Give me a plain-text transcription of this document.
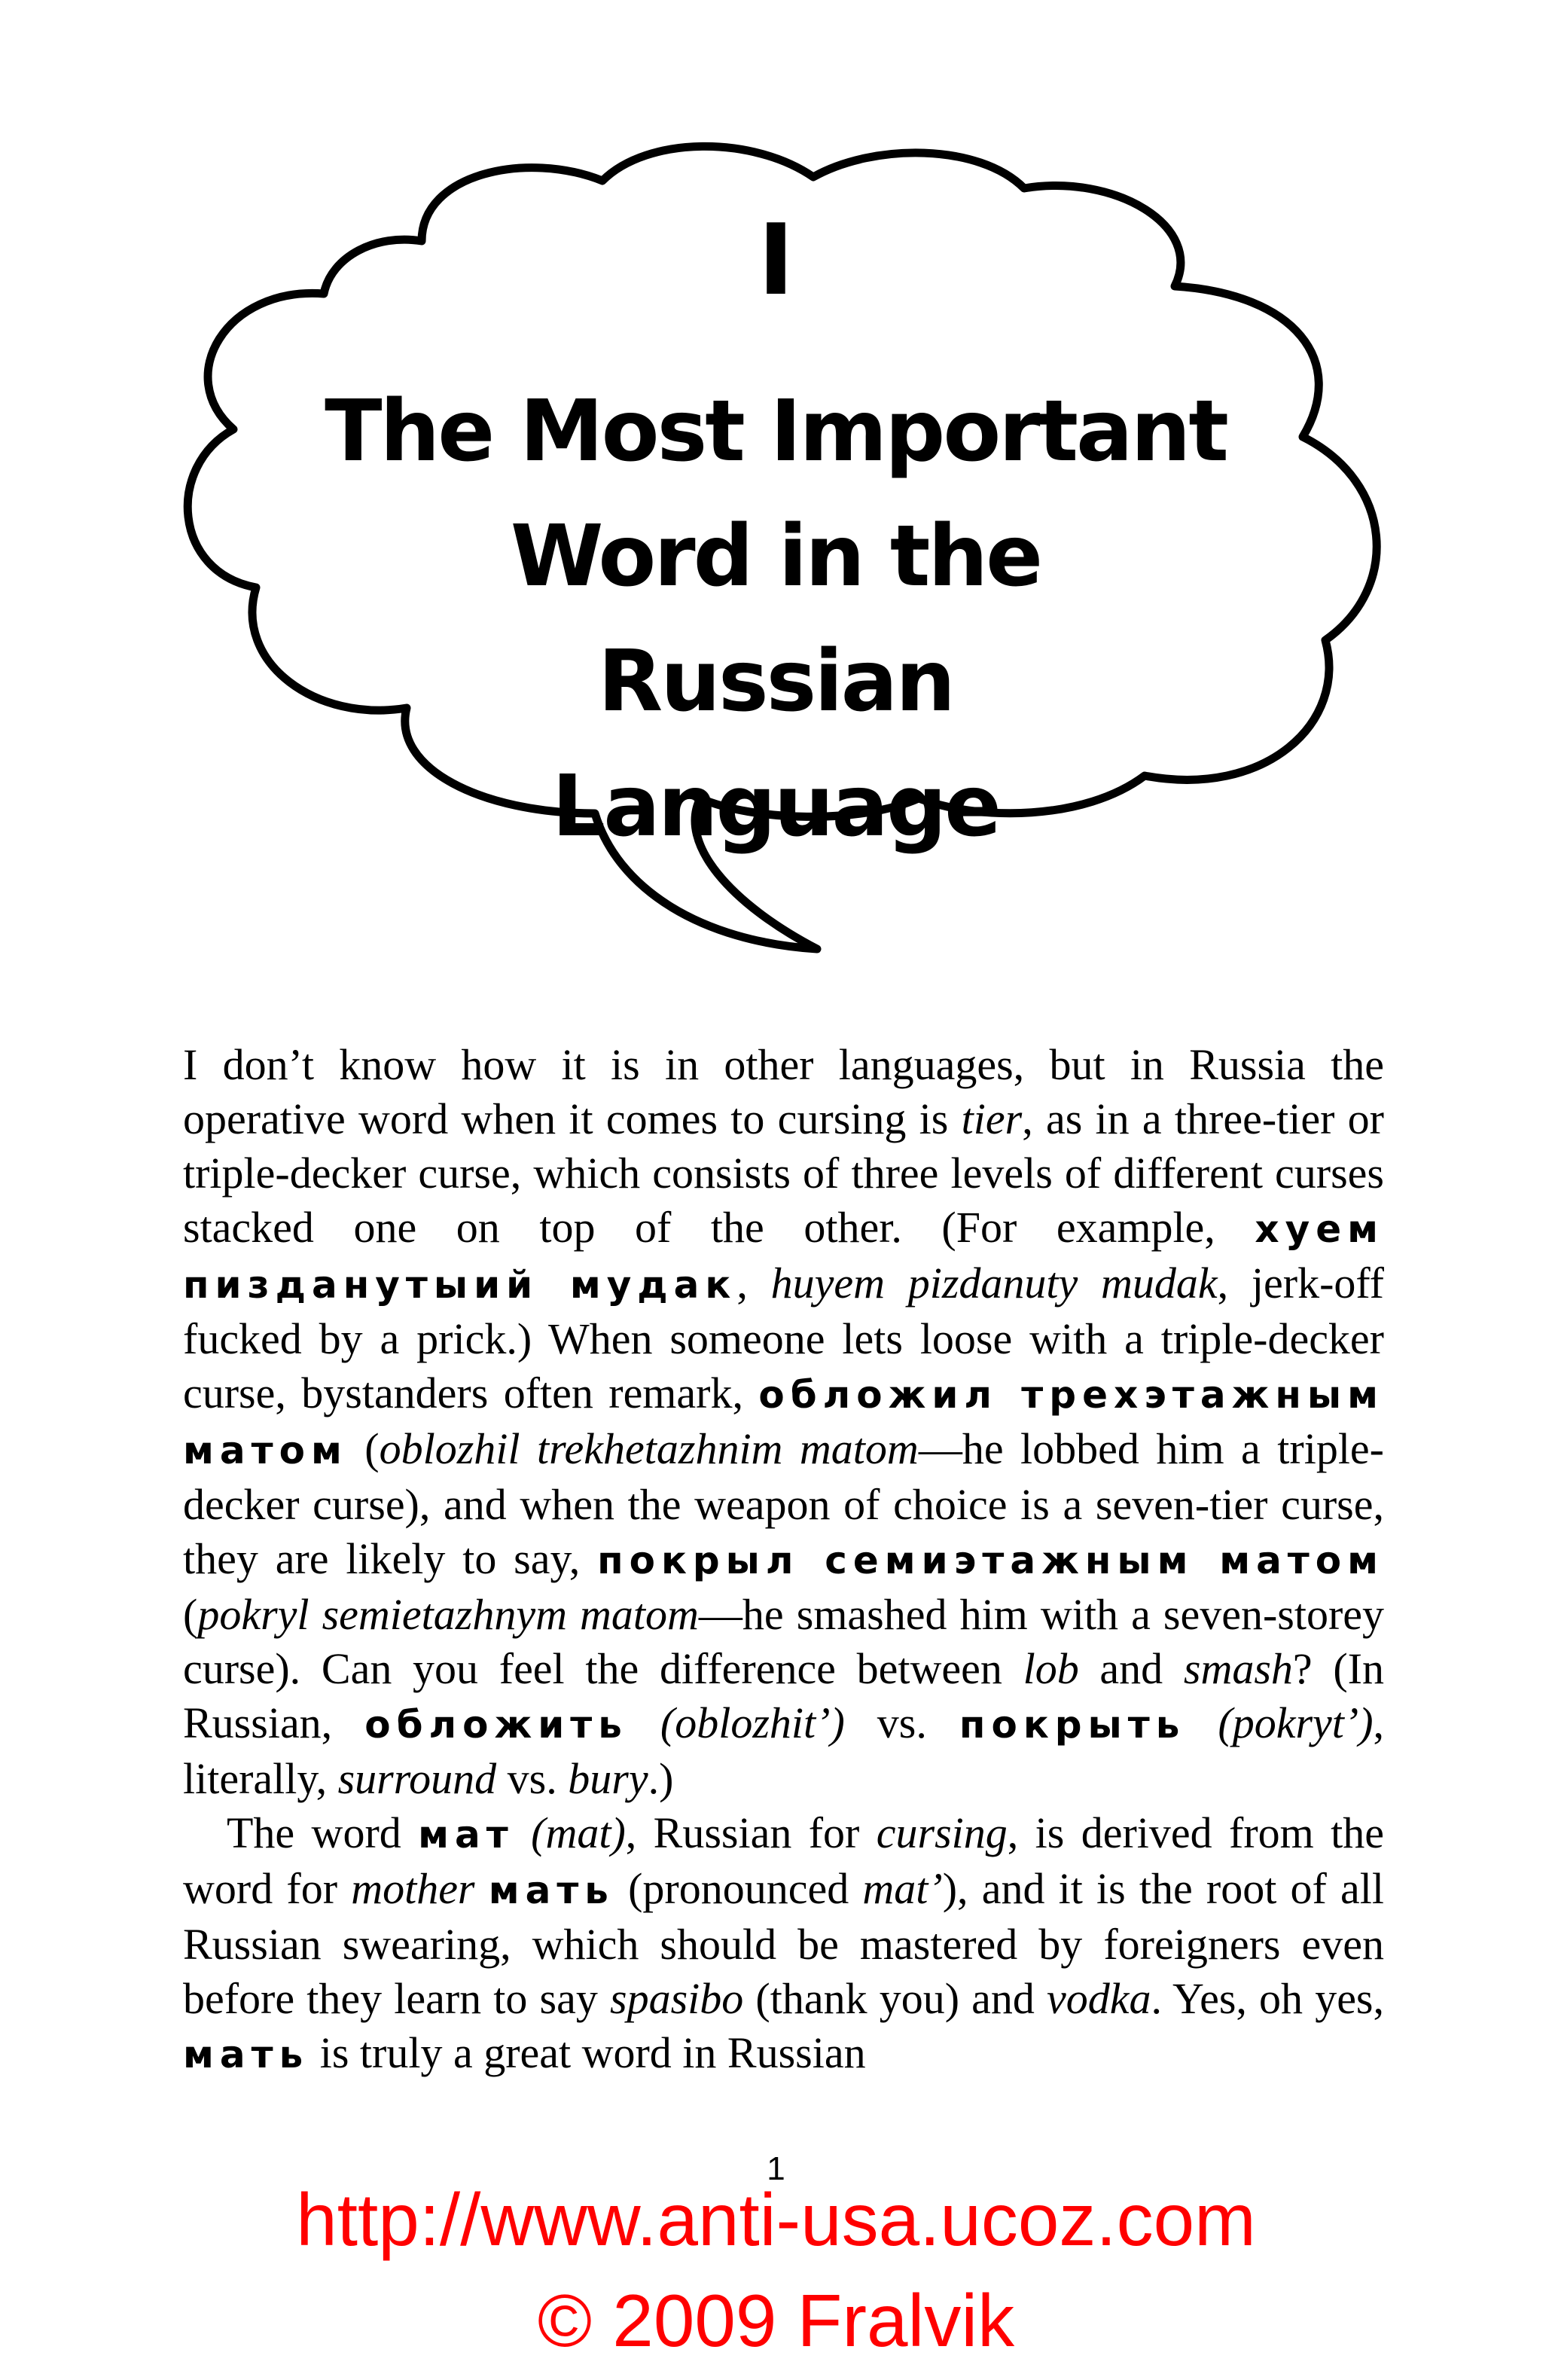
I
The Most Important
Word in the Russian
Language

I don’t know how it is in other languages, but in Russia the operative word when it comes to cursing is tier, as in a three-tier or triple-decker curse, which consists of three levels of different curses stacked one on top of the other. (For example, хуем пизданутыий мудак, huyem pizdanuty mudak, jerk-off fucked by a prick.) When someone lets loose with a triple-decker curse, bystanders often remark, обложил трехэтажным матом (oblozhil trekhetazhnim matom—he lobbed him a triple-decker curse), and when the weapon of choice is a seven-tier curse, they are likely to say, покрыл семиэтажным матом (pokryl semietazhnym matom—he smashed him with a seven-storey curse). Can you feel the difference between lob and smash? (In Russian, обложить (oblozhit’) vs. покрыть (pokryt’), literally, surround vs. bury.)

The word мат (mat), Russian for cursing, is derived from the word for mother мать (pronounced mat’), and it is the root of all Russian swearing, which should be mastered by foreigners even before they learn to say spasibo (thank you) and vodka. Yes, oh yes, мать is truly a great word in Russian

1
http://www.anti-usa.ucoz.com
© 2009 Fralvik
